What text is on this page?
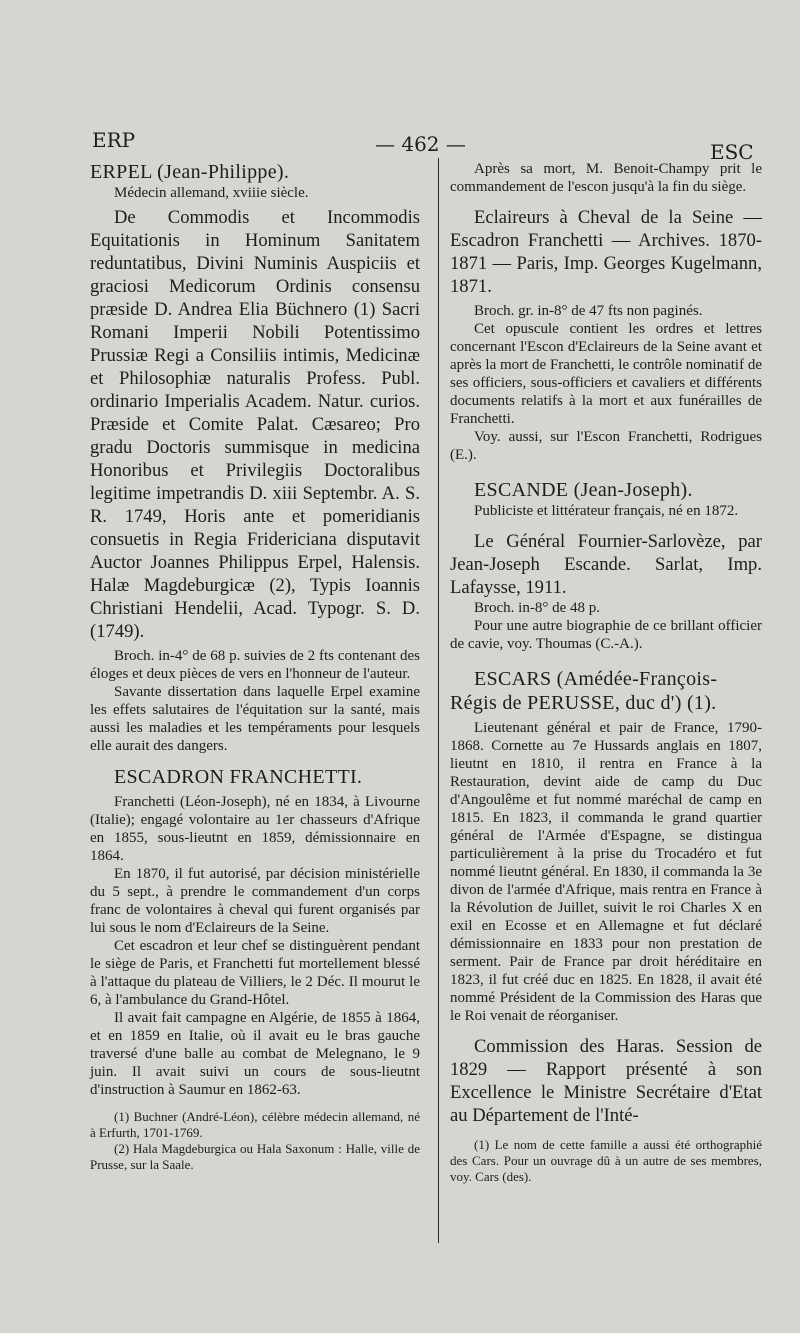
ERP	— 462 —	ESC

ERPEL (Jean-Philippe).

Médecin allemand, xviiie siècle.

De Commodis et Incommodis Equitationis in Hominum Sanitatem reduntatibus, Divini Numinis Auspiciis et graciosi Medicorum Ordinis consensu præside D. Andrea Elia Büchnero (1) Sacri Romani Imperii Nobili Potentissimo Prussiæ Regi a Consiliis intimis, Medicinæ et Philosophiæ naturalis Profess. Publ. ordinario Imperialis Academ. Natur. curios. Præside et Comite Palat. Cæsareo; Pro gradu Doctoris summisque in medicina Honoribus et Privilegiis Doctoralibus legitime impetrandis D. xiii Septembr. A. S. R. 1749, Horis ante et pomeridianis consuetis in Regia Fridericiana disputavit Auctor Joannes Philippus Erpel, Halensis. Halæ Magdeburgicæ (2), Typis Ioannis Christiani Hendelii, Acad. Typogr. S. D. (1749).

Broch. in-4° de 68 p. suivies de 2 fts contenant des éloges et deux pièces de vers en l'honneur de l'auteur.

Savante dissertation dans laquelle Erpel examine les effets salutaires de l'équitation sur la santé, mais aussi les maladies et les tempéraments pour lesquels elle aurait des dangers.

ESCADRON FRANCHETTI.

Franchetti (Léon-Joseph), né en 1834, à Livourne (Italie); engagé volontaire au 1er chasseurs d'Afrique en 1855, sous-lieutnt en 1859, démissionnaire en 1864.

En 1870, il fut autorisé, par décision ministérielle du 5 sept., à prendre le commandement d'un corps franc de volontaires à cheval qui furent organisés par lui sous le nom d'Eclaireurs de la Seine.

Cet escadron et leur chef se distinguèrent pendant le siège de Paris, et Franchetti fut mortellement blessé à l'attaque du plateau de Villiers, le 2 Déc. Il mourut le 6, à l'ambulance du Grand-Hôtel.

Il avait fait campagne en Algérie, de 1855 à 1864, et en 1859 en Italie, où il avait eu le bras gauche traversé d'une balle au combat de Melegnano, le 9 juin. Il avait suivi un cours de sous-lieutnt d'instruction à Saumur en 1862-63.

(1) Buchner (André-Léon), célèbre médecin allemand, né à Erfurth, 1701-1769.

(2) Hala Magdeburgica ou Hala Saxonum : Halle, ville de Prusse, sur la Saale.

Après sa mort, M. Benoit-Champy prit le commandement de l'escon jusqu'à la fin du siège.

Eclaireurs à Cheval de la Seine — Escadron Franchetti — Archives. 1870-1871 — Paris, Imp. Georges Kugelmann, 1871.

Broch. gr. in-8° de 47 fts non paginés.

Cet opuscule contient les ordres et lettres concernant l'Escon d'Eclaireurs de la Seine avant et après la mort de Franchetti, le contrôle nominatif de ses officiers, sous-officiers et cavaliers et différents documents relatifs à la mort et aux funérailles de Franchetti.

Voy. aussi, sur l'Escon Franchetti, Rodrigues (E.).

ESCANDE (Jean-Joseph).

Publiciste et littérateur français, né en 1872.

Le Général Fournier-Sarlovèze, par Jean-Joseph Escande. Sarlat, Imp. Lafaysse, 1911.

Broch. in-8° de 48 p.

Pour une autre biographie de ce brillant officier de cavie, voy. Thoumas (C.-A.).

ESCARS (Amédée-François-Régis de PERUSSE, duc d') (1).

Lieutenant général et pair de France, 1790-1868. Cornette au 7e Hussards anglais en 1807, lieutnt en 1810, il rentra en France à la Restauration, devint aide de camp du Duc d'Angoulême et fut nommé maréchal de camp en 1815. En 1823, il commanda le grand quartier général de l'Armée d'Espagne, se distingua particulièrement à la prise du Trocadéro et fut nommé lieutnt général. En 1830, il commanda la 3e divon de l'armée d'Afrique, mais rentra en France à la Révolution de Juillet, suivit le roi Charles X en exil en Ecosse et en Allemagne et fut déclaré démissionnaire en 1833 pour non prestation de serment. Pair de France par droit héréditaire en 1823, il fut créé duc en 1825. En 1828, il avait été nommé Président de la Commission des Haras que le Roi venait de réorganiser.

Commission des Haras. Session de 1829 — Rapport présenté à son Excellence le Ministre Secrétaire d'Etat au Département de l'Inté-

(1) Le nom de cette famille a aussi été orthographié des Cars. Pour un ouvrage dû à un autre de ses membres, voy. Cars (des).
